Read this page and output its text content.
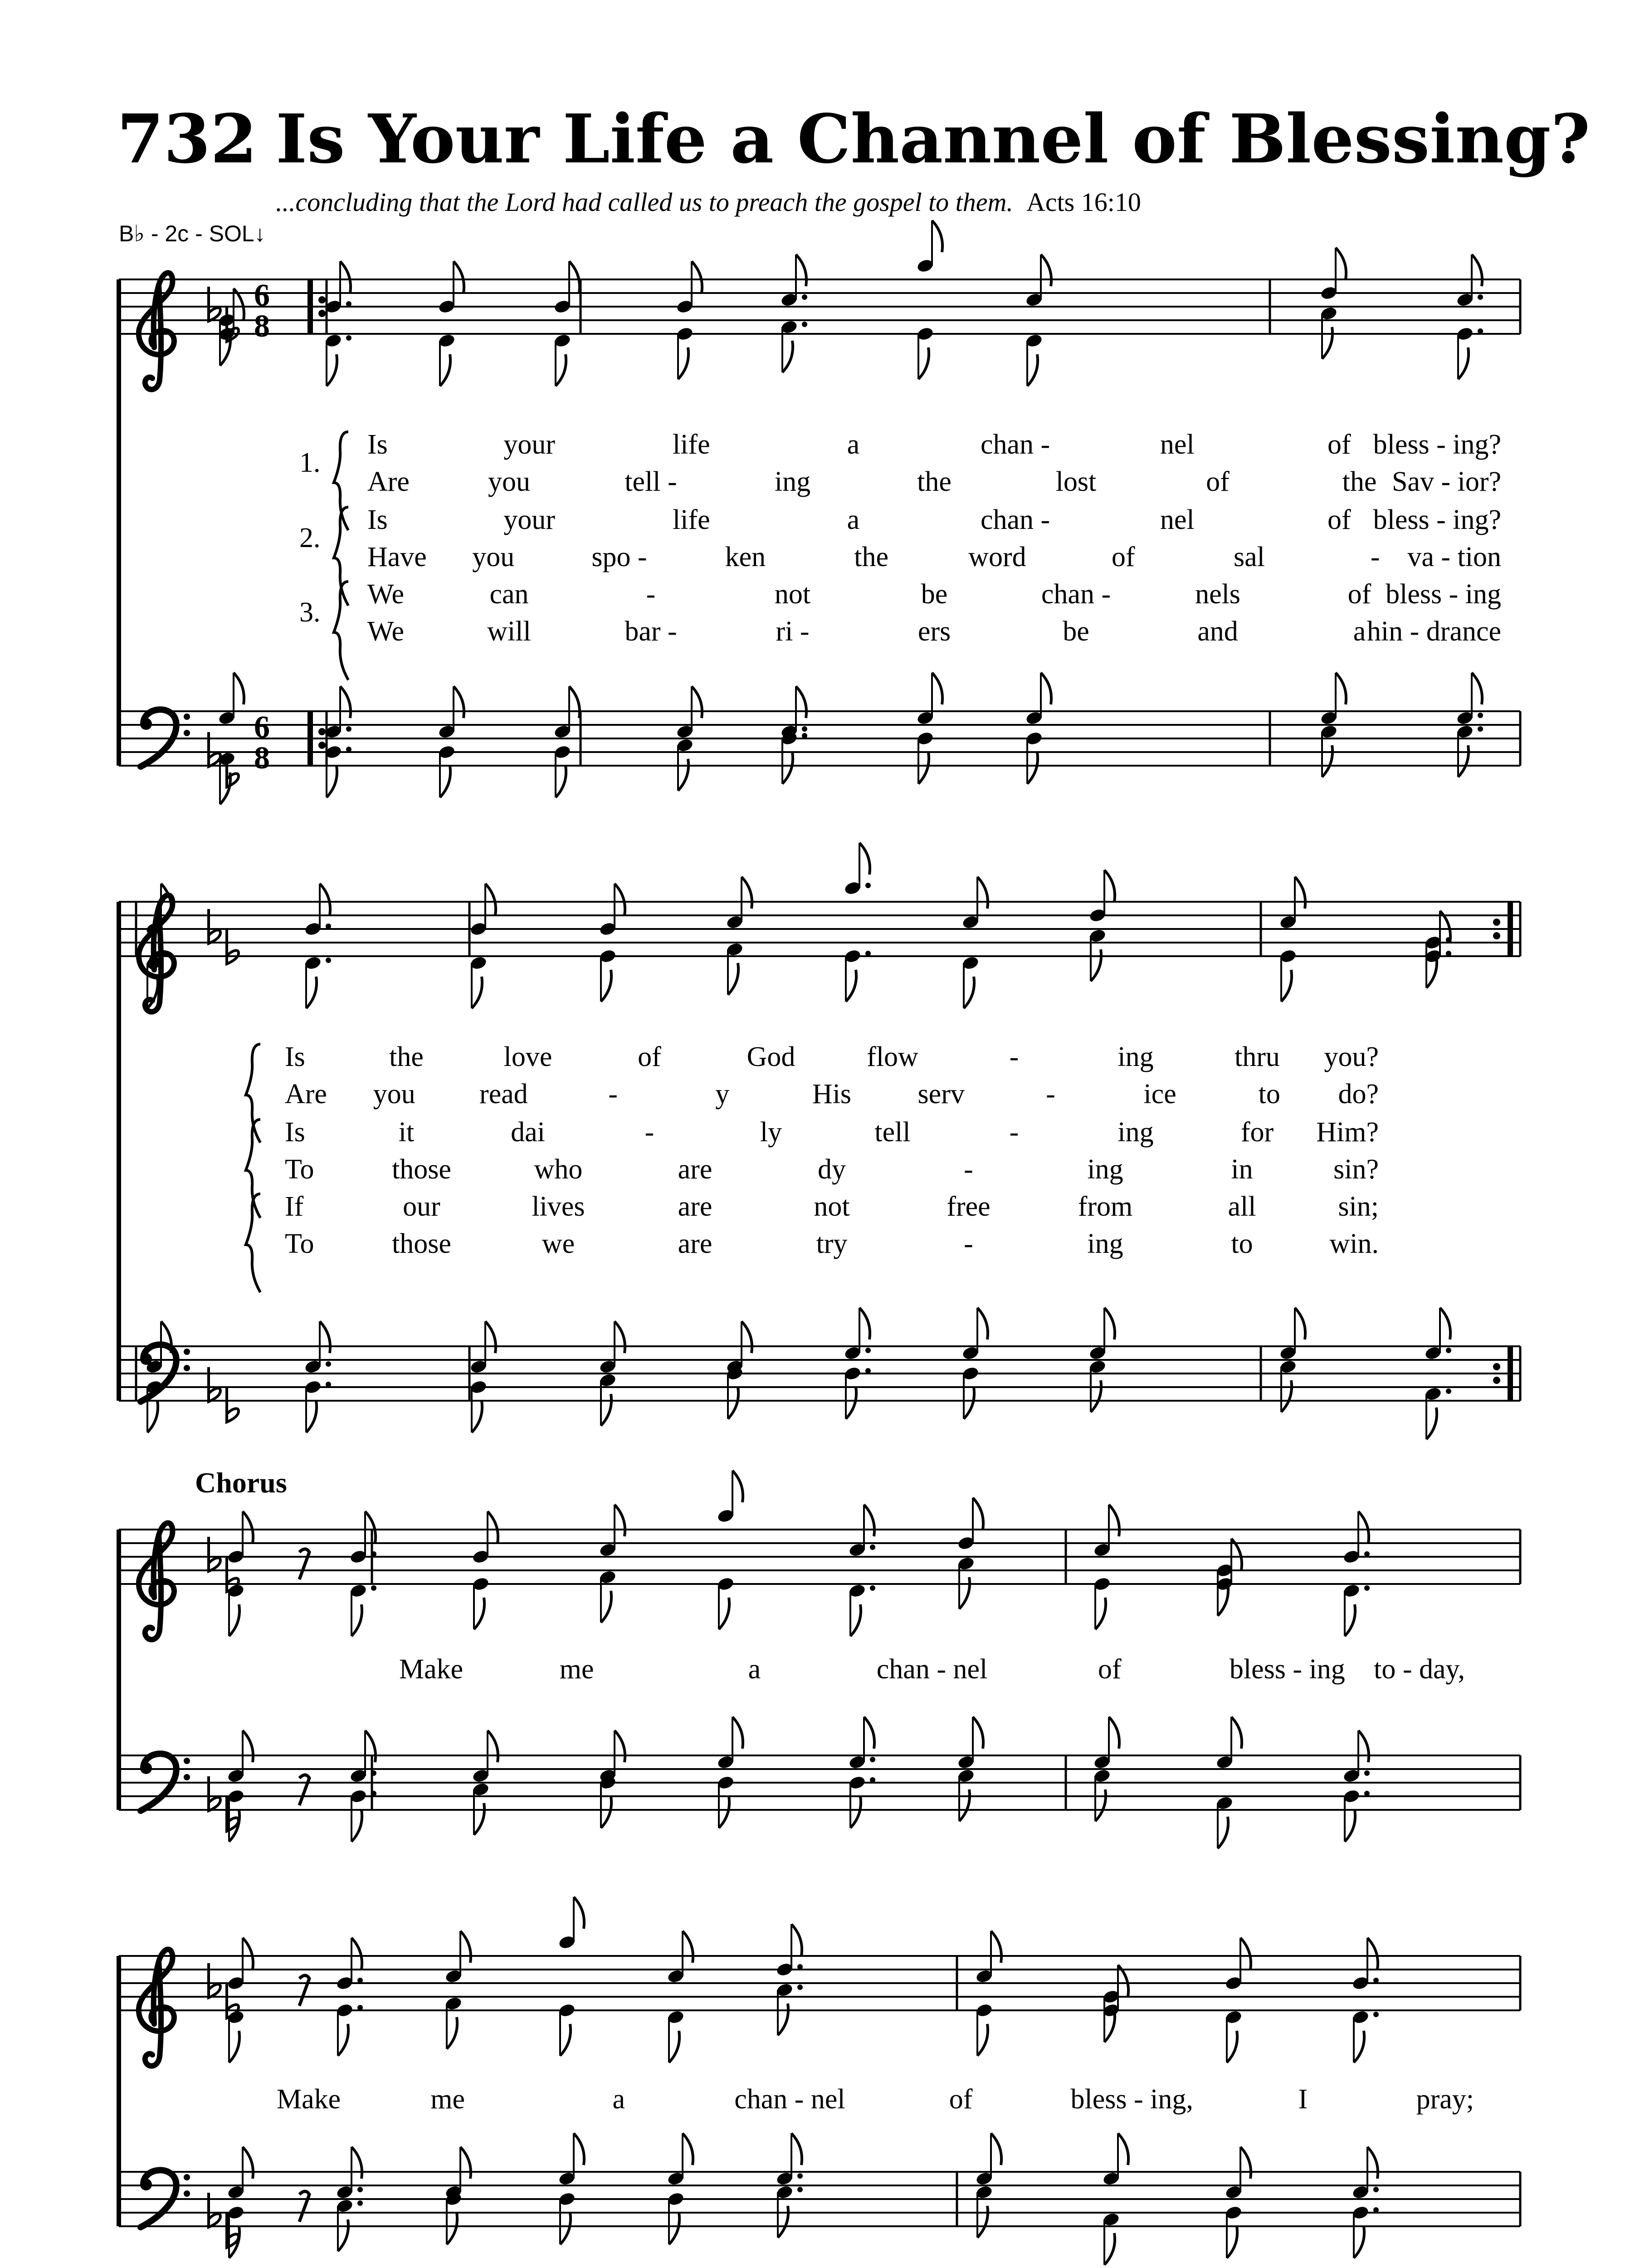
732 Is Your Life a Channel of Blessing?
...concluding that the Lord had called us to preach the gospel to them. Acts 16:10
B♭ - 2c - SOL↓
Chorus
6
8
6
8
Is	your	life	a	chan -	nel	of bless - ing?
Are	you	tell -	ing	the	lost	of	the Sav - ior?
Is	your	life	a	chan -	nel	of bless - ing?
Have you	spo -	ken	the	word	of	sal	- va - tion
We	can	-	not	be	chan -	nels	of bless - ing
We	will	bar -	ri -	ers	be	and	a hin - drance
1.
2.
3.
Is	the	love	of	God	flow	-	ing	thru you?
Are you read	-	y	His serv	-	ice	to do?
Is	it	dai	-	ly	tell	-	ing	for Him?
To	those	who	are	dy	-	ing	in	sin?
If	our	lives	are	not	free	from	all	sin;
To	those	we	are	try	-	ing	to	win.
Make	me	a	chan - nel	of	bless - ing to - day,
Make	me	a	chan - nel	of	bless - ing,	I	pray;
